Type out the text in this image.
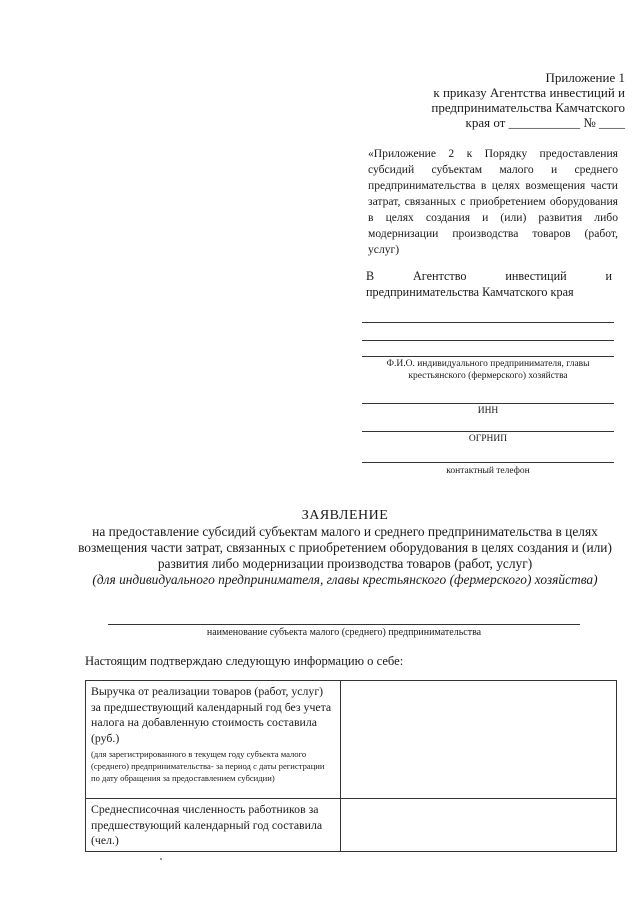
Приложение 1
к приказу Агентства инвестиций и
предпринимательства Камчатского
края от ___________ № ____
«Приложение 2 к Порядку предоставления субсидий субъектам малого и среднего предпринимательства в целях возмещения части затрат, связанных с приобретением оборудования в целях создания и (или) развития либо модернизации производства товаров (работ, услуг)
В	Агентство	инвестиций	и
предпринимательства Камчатского края
Ф.И.О. индивидуального предпринимателя, главы крестьянского (фермерского) хозяйства
ИНН
ОГРНИП
контактный телефон
ЗАЯВЛЕНИЕ
на предоставление субсидий субъектам малого и среднего предпринимательства в целях
возмещения части затрат, связанных с приобретением оборудования в целях создания и (или)
развития либо модернизации производства товаров (работ, услуг)
(для индивидуального предпринимателя, главы крестьянского (фермерского) хозяйства)
наименование субъекта малого (среднего) предпринимательства
Настоящим подтверждаю следующую информацию о себе:
Выручка от реализации товаров (работ, услуг) за предшествующий календарный год без учета налога на добавленную стоимость составила (руб.)
(для зарегистрированного в текущем году субъекта малого (среднего) предпринимательства- за период с даты регистрации по дату обращения за предоставлением субсидии)	

Среднесписочная численность работников за предшествующий календарный год составила (чел.)	
